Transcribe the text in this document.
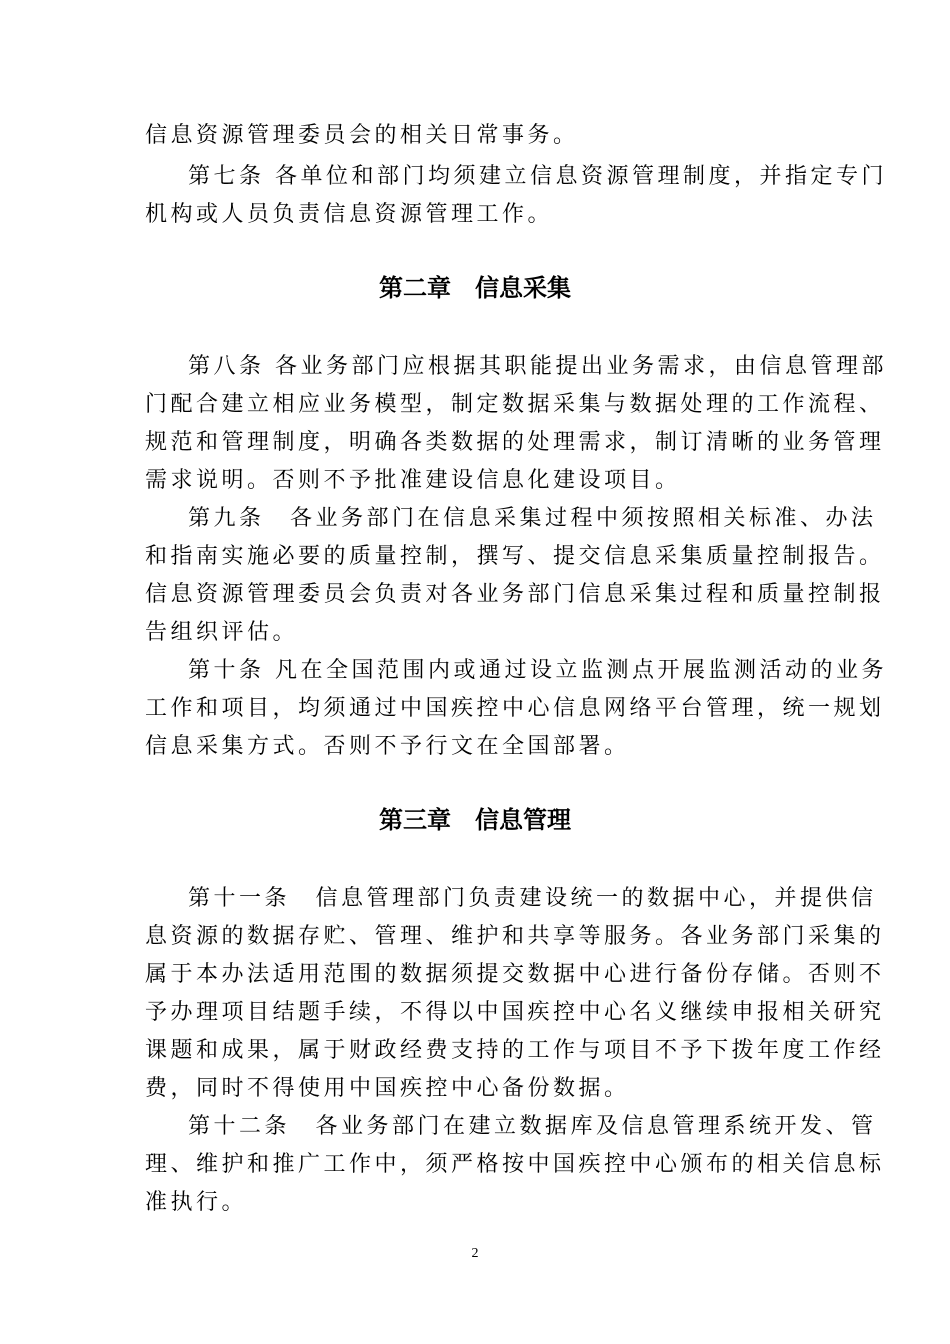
信息资源管理委员会的相关日常事务。
第七条 各单位和部门均须建立信息资源管理制度，并指定专门
机构或人员负责信息资源管理工作。
第二章　信息采集
第八条 各业务部门应根据其职能提出业务需求，由信息管理部
门配合建立相应业务模型，制定数据采集与数据处理的工作流程、
规范和管理制度，明确各类数据的处理需求，制订清晰的业务管理
需求说明。否则不予批准建设信息化建设项目。
第九条　各业务部门在信息采集过程中须按照相关标准、办法
和指南实施必要的质量控制，撰写、提交信息采集质量控制报告。
信息资源管理委员会负责对各业务部门信息采集过程和质量控制报
告组织评估。
第十条 凡在全国范围内或通过设立监测点开展监测活动的业务
工作和项目，均须通过中国疾控中心信息网络平台管理，统一规划
信息采集方式。否则不予行文在全国部署。
第三章　信息管理
第十一条　信息管理部门负责建设统一的数据中心，并提供信
息资源的数据存贮、管理、维护和共享等服务。各业务部门采集的
属于本办法适用范围的数据须提交数据中心进行备份存储。否则不
予办理项目结题手续，不得以中国疾控中心名义继续申报相关研究
课题和成果，属于财政经费支持的工作与项目不予下拨年度工作经
费，同时不得使用中国疾控中心备份数据。
第十二条　各业务部门在建立数据库及信息管理系统开发、管
理、维护和推广工作中，须严格按中国疾控中心颁布的相关信息标
准执行。
2
